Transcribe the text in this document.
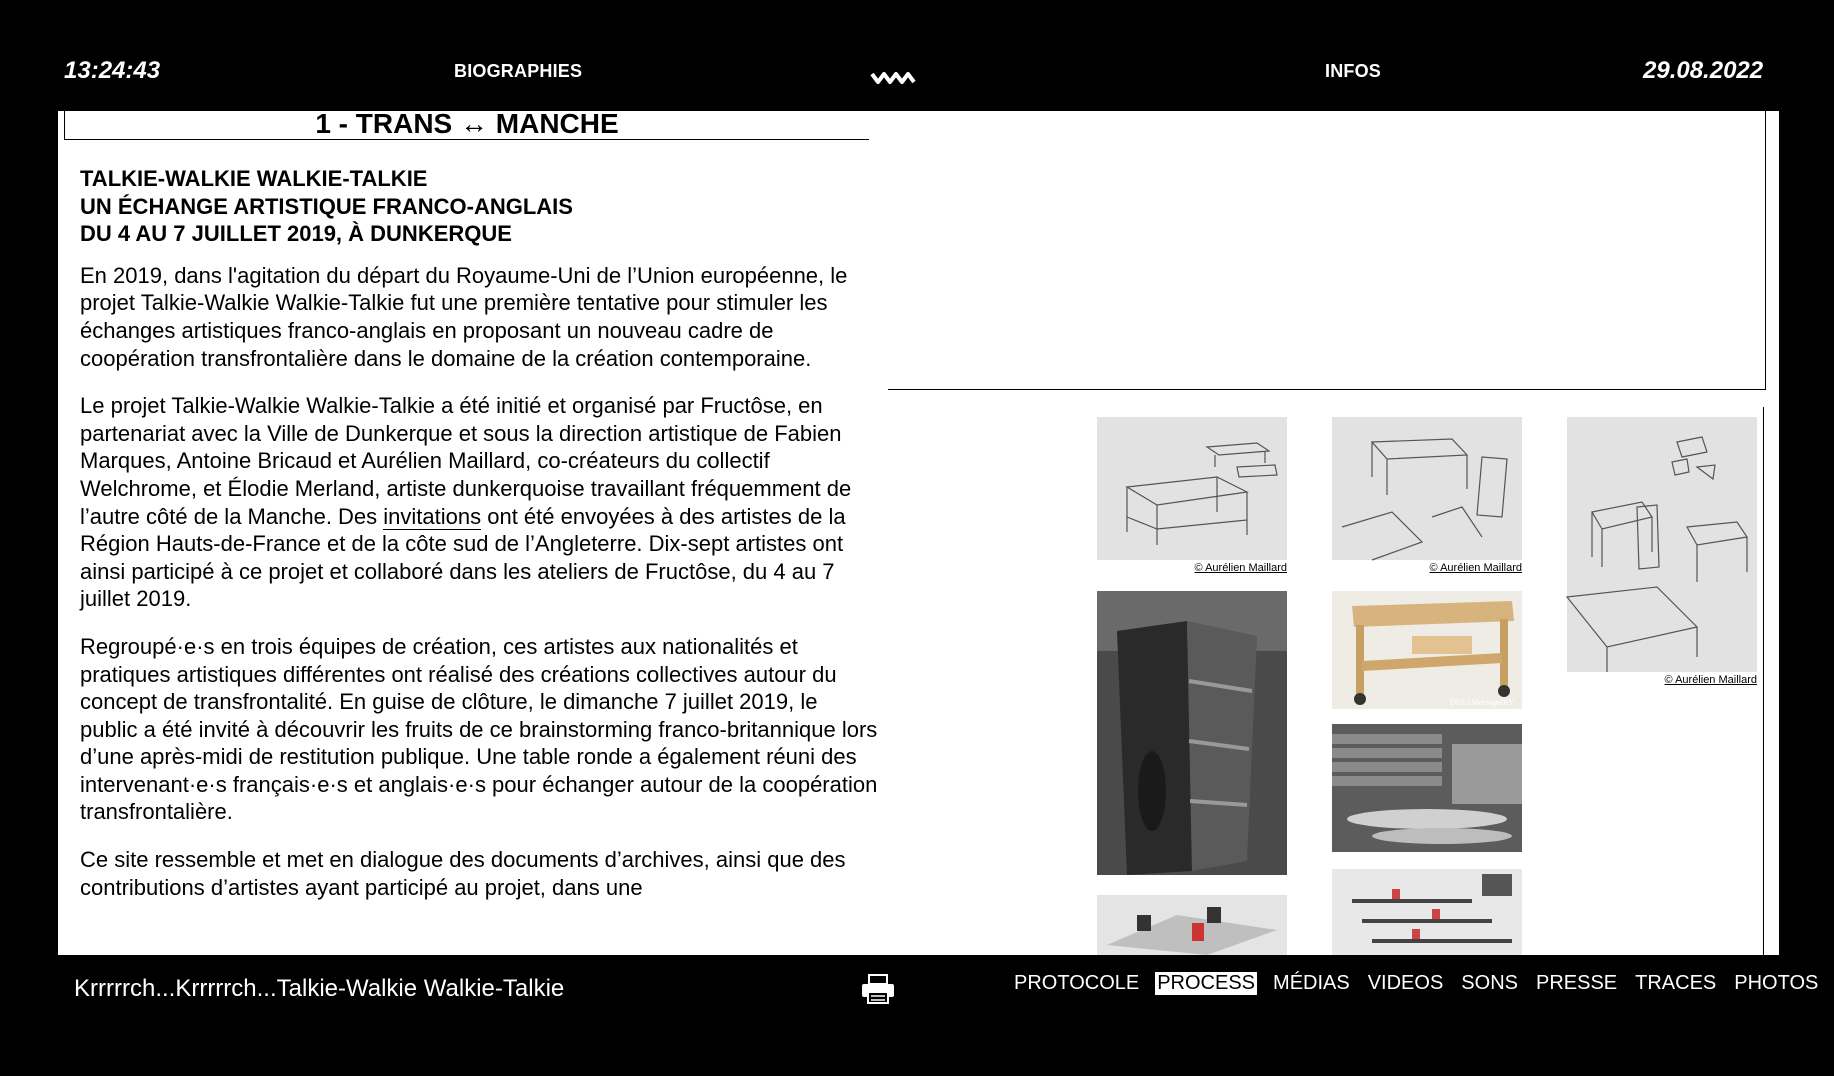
13:24:43	BIOGRAPHIES	INFOS	29.08.2022
1 - TRANS ↔ MANCHE
TALKIE-WALKIE WALKIE-TALKIE
UN ÉCHANGE ARTISTIQUE FRANCO-ANGLAIS
DU 4 AU 7 JUILLET 2019, À DUNKERQUE

En 2019, dans l'agitation du départ du Royaume-Uni de l’Union européenne, le projet Talkie-Walkie Walkie-Talkie fut une première tentative pour stimuler les échanges artistiques franco-anglais en proposant un nouveau cadre de coopération transfrontalière dans le domaine de la création contemporaine.

Le projet Talkie-Walkie Walkie-Talkie a été initié et organisé par Fructôse, en partenariat avec la Ville de Dunkerque et sous la direction artistique de Fabien Marques, Antoine Bricaud et Aurélien Maillard, co-créateurs du collectif Welchrome, et Élodie Merland, artiste dunkerquoise travaillant fréquemment de l’autre côté de la Manche. Des invitations ont été envoyées à des artistes de la Région Hauts-de-France et de la côte sud de l’Angleterre. Dix-sept artistes ont ainsi participé à ce projet et collaboré dans les ateliers de Fructôse, du 4 au 7 juillet 2019.

Regroupé·e·s en trois équipes de création, ces artistes aux nationalités et pratiques artistiques différentes ont réalisé des créations collectives autour du concept de transfrontalité. En guise de clôture, le dimanche 7 juillet 2019, le public a été invité à découvrir les fruits de ce brainstorming franco-britannique lors d’une après-midi de restitution publique. Une table ronde a également réuni des intervenant·e·s français·e·s et anglais·e·s pour échanger autour de la coopération transfrontalière.

Ce site ressemble et met en dialogue des documents d’archives, ainsi que des contributions d’artistes ayant participé au projet, dans une

© Aurélien Maillard	© Aurélien Maillard
DREAMdesignDIY
© Aurélien Maillard
Krrrrrch...Krrrrrch...Talkie-Walkie Walkie-Talkie	PROTOCOLE PROCESS MÉDIAS VIDEOS SONS PRESSE TRACES PHOTOS
